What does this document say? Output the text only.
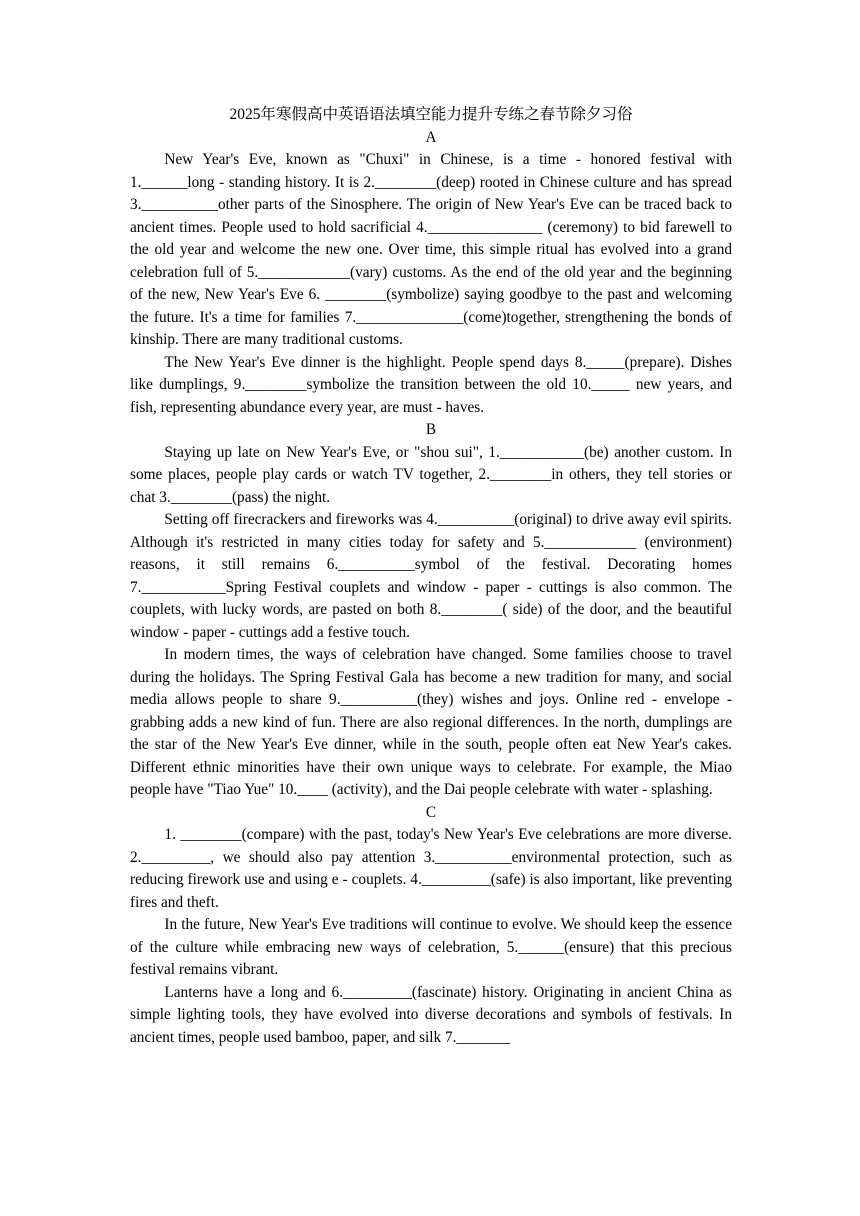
2025年寒假高中英语语法填空能力提升专练之春节除夕习俗

A

New Year's Eve, known as "Chuxi" in Chinese, is a time - honored festival with 1.______long - standing history. It is 2.________(deep) rooted in Chinese culture and has spread 3.__________other parts of the Sinosphere. The origin of New Year's Eve can be traced back to ancient times. People used to hold sacrificial 4._______________ (ceremony) to bid farewell to the old year and welcome the new one. Over time, this simple ritual has evolved into a grand celebration full of 5.____________(vary) customs. As the end of the old year and the beginning of the new, New Year's Eve 6. ________(symbolize) saying goodbye to the past and welcoming the future. It's a time for families 7.______________(come)together, strengthening the bonds of kinship. There are many traditional customs.

The New Year's Eve dinner is the highlight. People spend days 8._____(prepare). Dishes like dumplings, 9.________symbolize the transition between the old 10._____ new years, and fish, representing abundance every year, are must - haves.

B

Staying up late on New Year's Eve, or "shou sui", 1.___________(be) another custom. In some places, people play cards or watch TV together, 2.________in others, they tell stories or chat 3.________(pass) the night.

Setting off firecrackers and fireworks was 4.__________(original) to drive away evil spirits. Although it's restricted in many cities today for safety and 5.____________ (environment) reasons, it still remains 6.__________symbol of the festival. Decorating homes 7.___________Spring Festival couplets and window - paper - cuttings is also common. The couplets, with lucky words, are pasted on both 8.________( side) of the door, and the beautiful window - paper - cuttings add a festive touch.

In modern times, the ways of celebration have changed. Some families choose to travel during the holidays. The Spring Festival Gala has become a new tradition for many, and social media allows people to share 9.__________(they) wishes and joys. Online red - envelope - grabbing adds a new kind of fun. There are also regional differences. In the north, dumplings are the star of the New Year's Eve dinner, while in the south, people often eat New Year's cakes. Different ethnic minorities have their own unique ways to celebrate. For example, the Miao people have "Tiao Yue" 10.____ (activity), and the Dai people celebrate with water - splashing.

C

1. ________(compare) with the past, today's New Year's Eve celebrations are more diverse. 2._________, we should also pay attention 3.__________environmental protection, such as reducing firework use and using e - couplets. 4._________(safe) is also important, like preventing fires and theft.

In the future, New Year's Eve traditions will continue to evolve. We should keep the essence of the culture while embracing new ways of celebration, 5.______(ensure) that this precious festival remains vibrant.

Lanterns have a long and 6._________(fascinate) history. Originating in ancient China as simple lighting tools, they have evolved into diverse decorations and symbols of festivals. In ancient times, people used bamboo, paper, and silk 7._______
